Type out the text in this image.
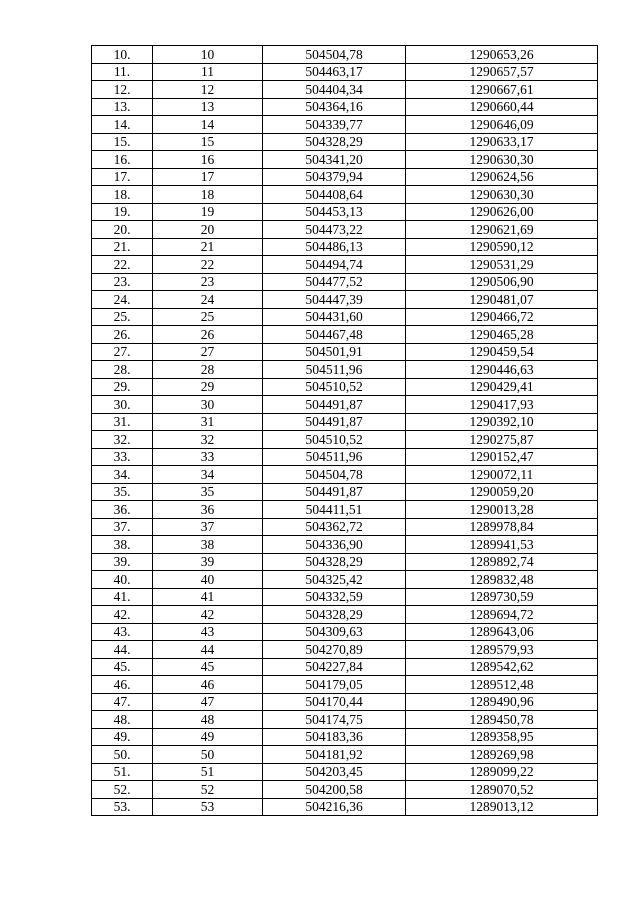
10.	10	504504,78	1290653,26
11.	11	504463,17	1290657,57
12.	12	504404,34	1290667,61
13.	13	504364,16	1290660,44
14.	14	504339,77	1290646,09
15.	15	504328,29	1290633,17
16.	16	504341,20	1290630,30
17.	17	504379,94	1290624,56
18.	18	504408,64	1290630,30
19.	19	504453,13	1290626,00
20.	20	504473,22	1290621,69
21.	21	504486,13	1290590,12
22.	22	504494,74	1290531,29
23.	23	504477,52	1290506,90
24.	24	504447,39	1290481,07
25.	25	504431,60	1290466,72
26.	26	504467,48	1290465,28
27.	27	504501,91	1290459,54
28.	28	504511,96	1290446,63
29.	29	504510,52	1290429,41
30.	30	504491,87	1290417,93
31.	31	504491,87	1290392,10
32.	32	504510,52	1290275,87
33.	33	504511,96	1290152,47
34.	34	504504,78	1290072,11
35.	35	504491,87	1290059,20
36.	36	504411,51	1290013,28
37.	37	504362,72	1289978,84
38.	38	504336,90	1289941,53
39.	39	504328,29	1289892,74
40.	40	504325,42	1289832,48
41.	41	504332,59	1289730,59
42.	42	504328,29	1289694,72
43.	43	504309,63	1289643,06
44.	44	504270,89	1289579,93
45.	45	504227,84	1289542,62
46.	46	504179,05	1289512,48
47.	47	504170,44	1289490,96
48.	48	504174,75	1289450,78
49.	49	504183,36	1289358,95
50.	50	504181,92	1289269,98
51.	51	504203,45	1289099,22
52.	52	504200,58	1289070,52
53.	53	504216,36	1289013,12
